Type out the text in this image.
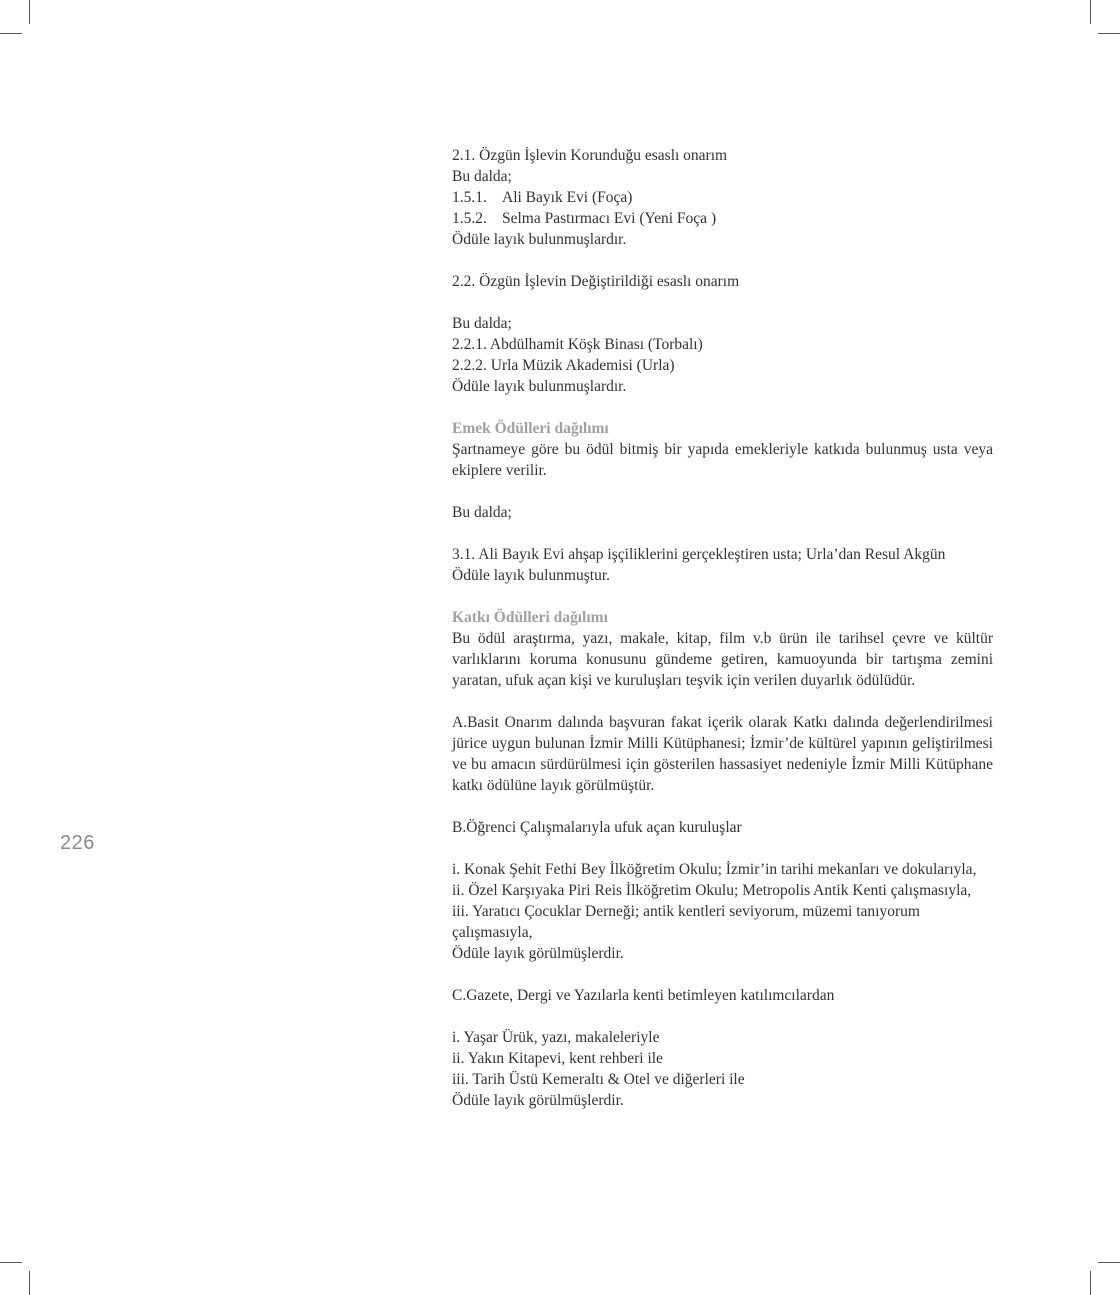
226

2.1. Özgün İşlevin Korunduğu esaslı onarım

Bu dalda;

1.5.1. Ali Bayık Evi (Foça)

1.5.2. Selma Pastırmacı Evi (Yeni Foça )

Ödüle layık bulunmuşlardır.

2.2. Özgün İşlevin Değiştirildiği esaslı onarım

Bu dalda;

2.2.1. Abdülhamit Köşk Binası (Torbalı)

2.2.2. Urla Müzik Akademisi (Urla)

Ödüle layık bulunmuşlardır.

Emek Ödülleri dağılımı

Şartnameye göre bu ödül bitmiş bir yapıda emekleriyle katkıda bulunmuş usta veya ekiplere verilir.

Bu dalda;

3.1. Ali Bayık Evi ahşap işçiliklerini gerçekleştiren usta; Urla’dan Resul Akgün

Ödüle layık bulunmuştur.

Katkı Ödülleri dağılımı

Bu ödül araştırma, yazı, makale, kitap, film v.b ürün ile tarihsel çevre ve kültür varlıklarını koruma konusunu gündeme getiren, kamuoyunda bir tartışma zemini yaratan, ufuk açan kişi ve kuruluşları teşvik için verilen duyarlık ödülüdür.

A.Basit Onarım dalında başvuran fakat içerik olarak Katkı dalında değerlendirilmesi jürice uygun bulunan İzmir Milli Kütüphanesi; İzmir’de kültürel yapının geliştirilmesi ve bu amacın sürdürülmesi için gösterilen hassasiyet nedeniyle İzmir Milli Kütüphane katkı ödülüne layık görülmüştür.

B.Öğrenci Çalışmalarıyla ufuk açan kuruluşlar

i. Konak Şehit Fethi Bey İlköğretim Okulu; İzmir’in tarihi mekanları ve dokularıyla,

ii. Özel Karşıyaka Piri Reis İlköğretim Okulu; Metropolis Antik Kenti çalışmasıyla,

iii. Yaratıcı Çocuklar Derneği; antik kentleri seviyorum, müzemi tanıyorum

çalışmasıyla,

Ödüle layık görülmüşlerdir.

C.Gazete, Dergi ve Yazılarla kenti betimleyen katılımcılardan

i. Yaşar Ürük, yazı, makaleleriyle

ii. Yakın Kitapevi, kent rehberi ile

iii. Tarih Üstü Kemeraltı & Otel ve diğerleri ile

Ödüle layık görülmüşlerdir.
